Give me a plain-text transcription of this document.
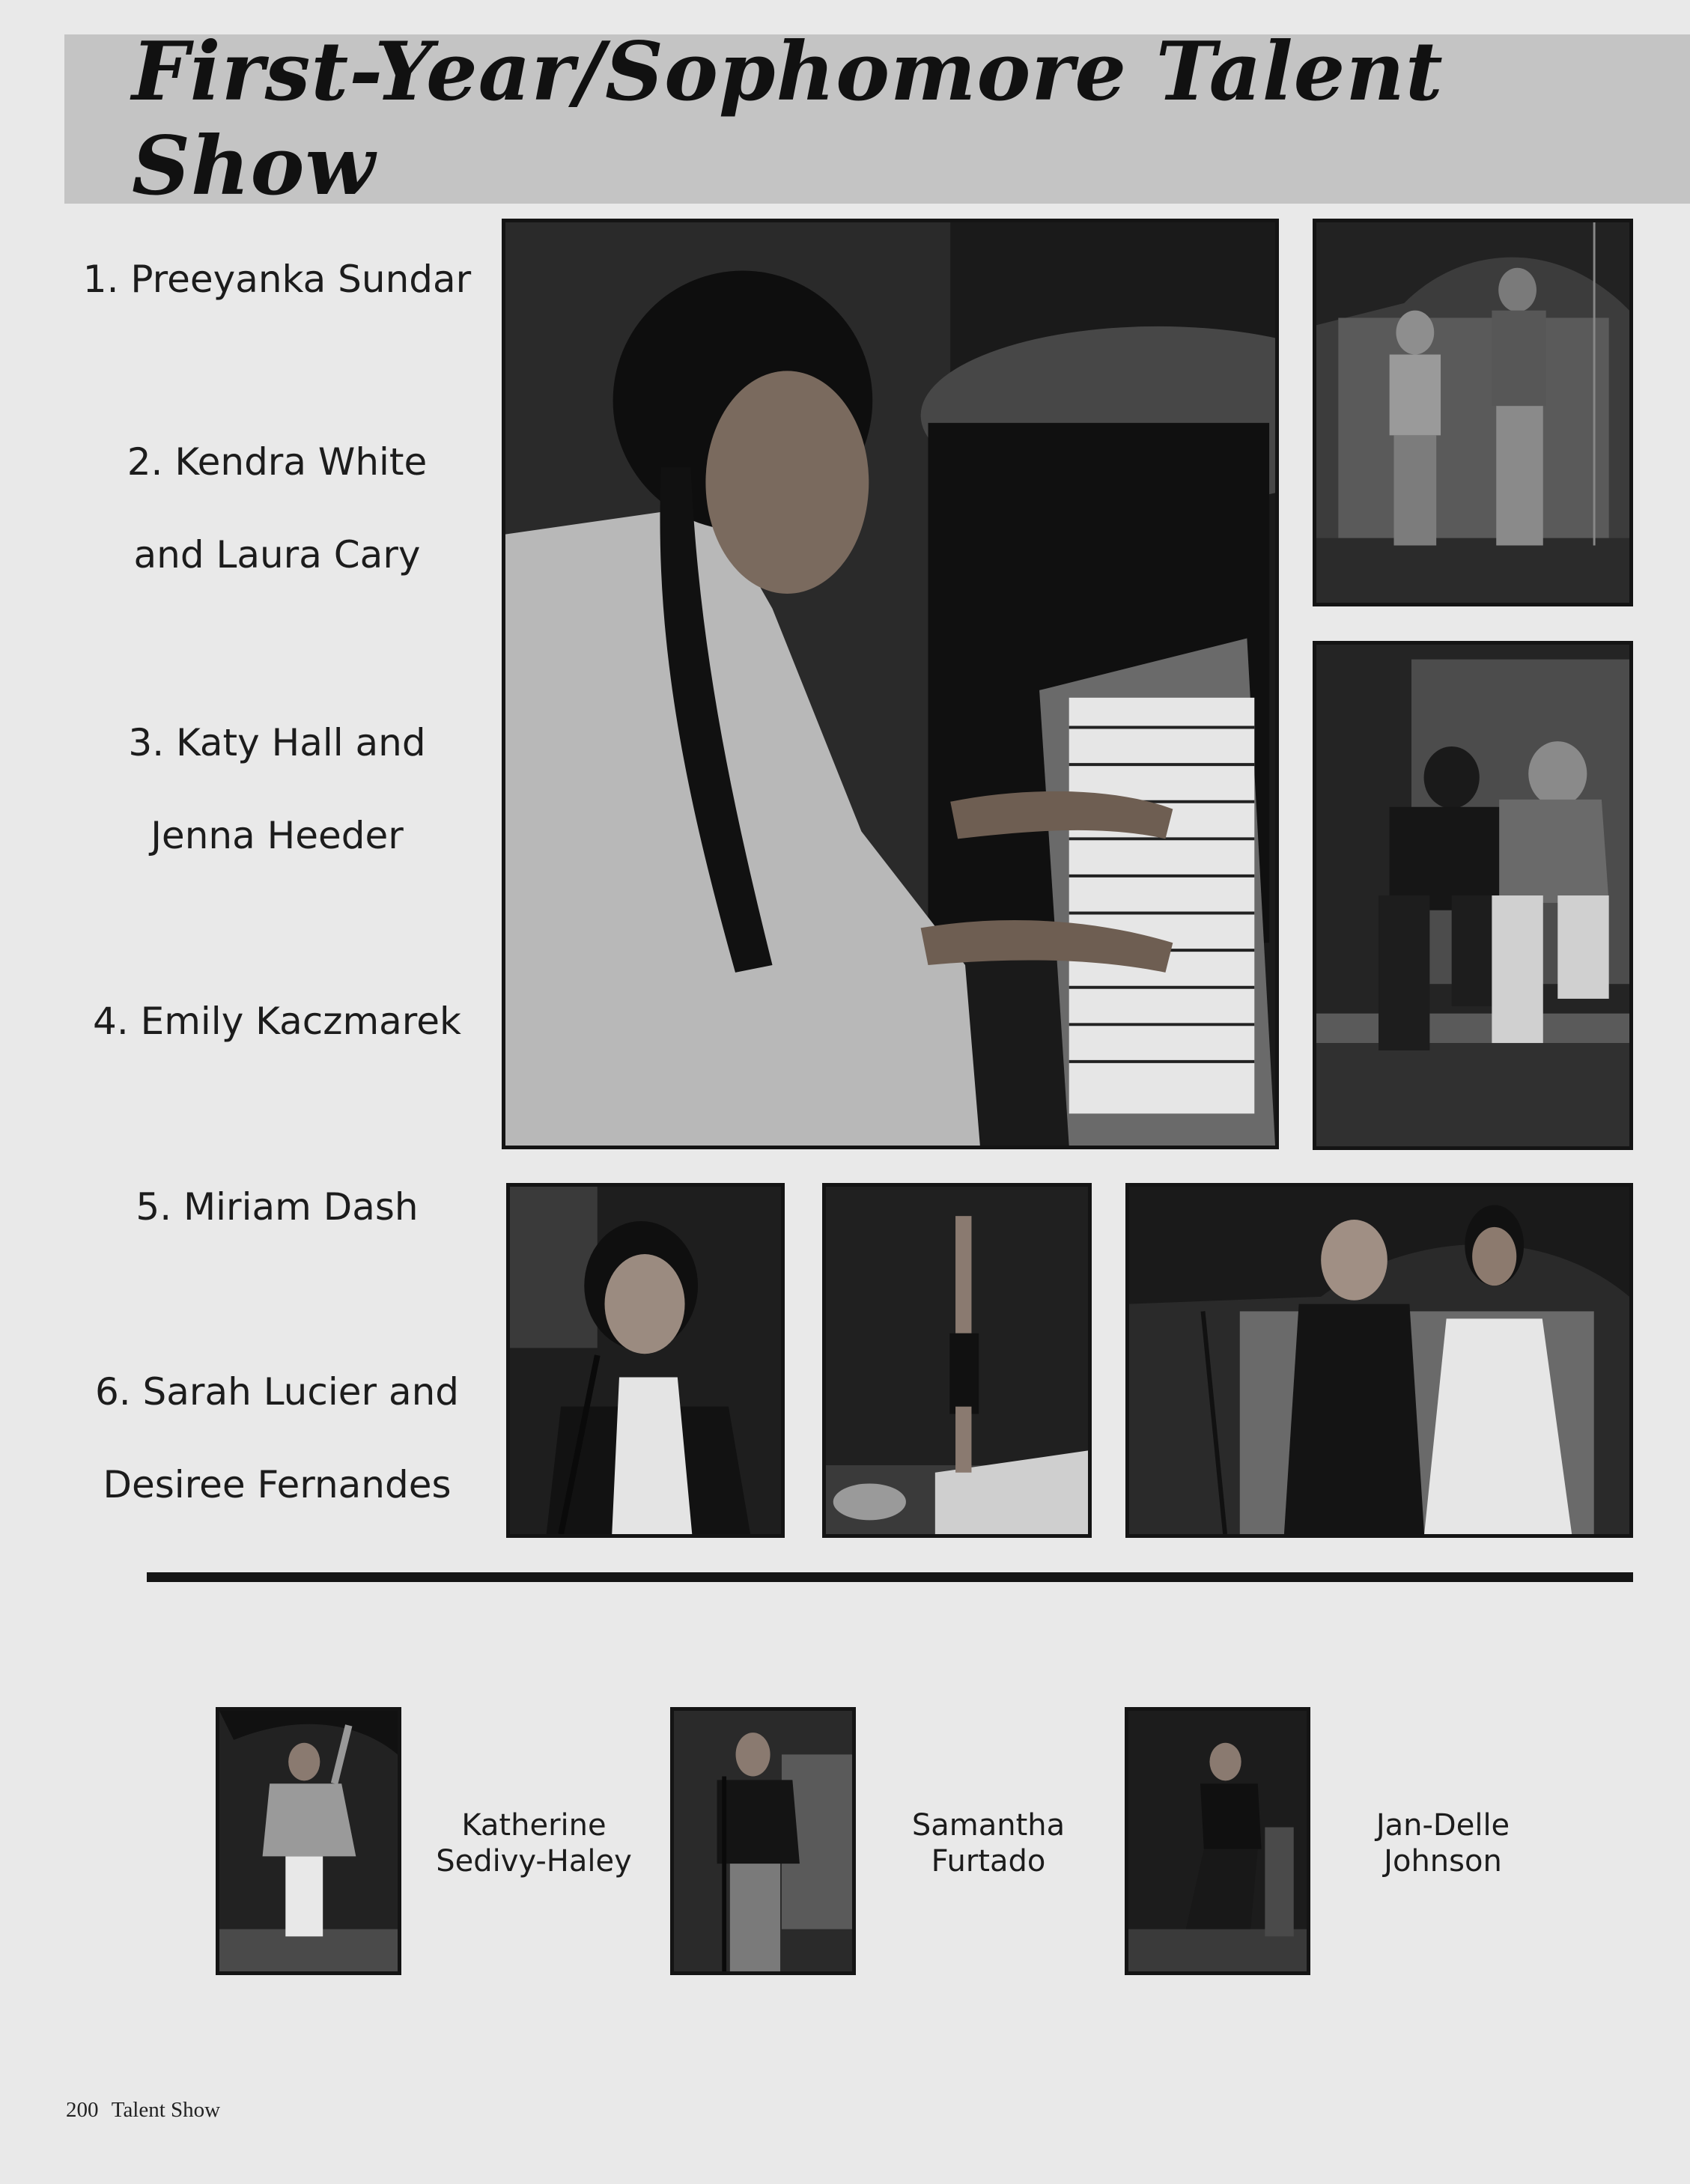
First-Year/Sophomore Talent Show
1. Preeyanka Sundar
2. Kendra White
and Laura Cary
3. Katy Hall and
Jenna Heeder
4. Emily Kaczmarek
5. Miriam Dash
6. Sarah Lucier and
Desiree Fernandes
Katherine
Sedivy-Haley
Samantha
Furtado
Jan-Delle
Johnson
200 Talent Show
